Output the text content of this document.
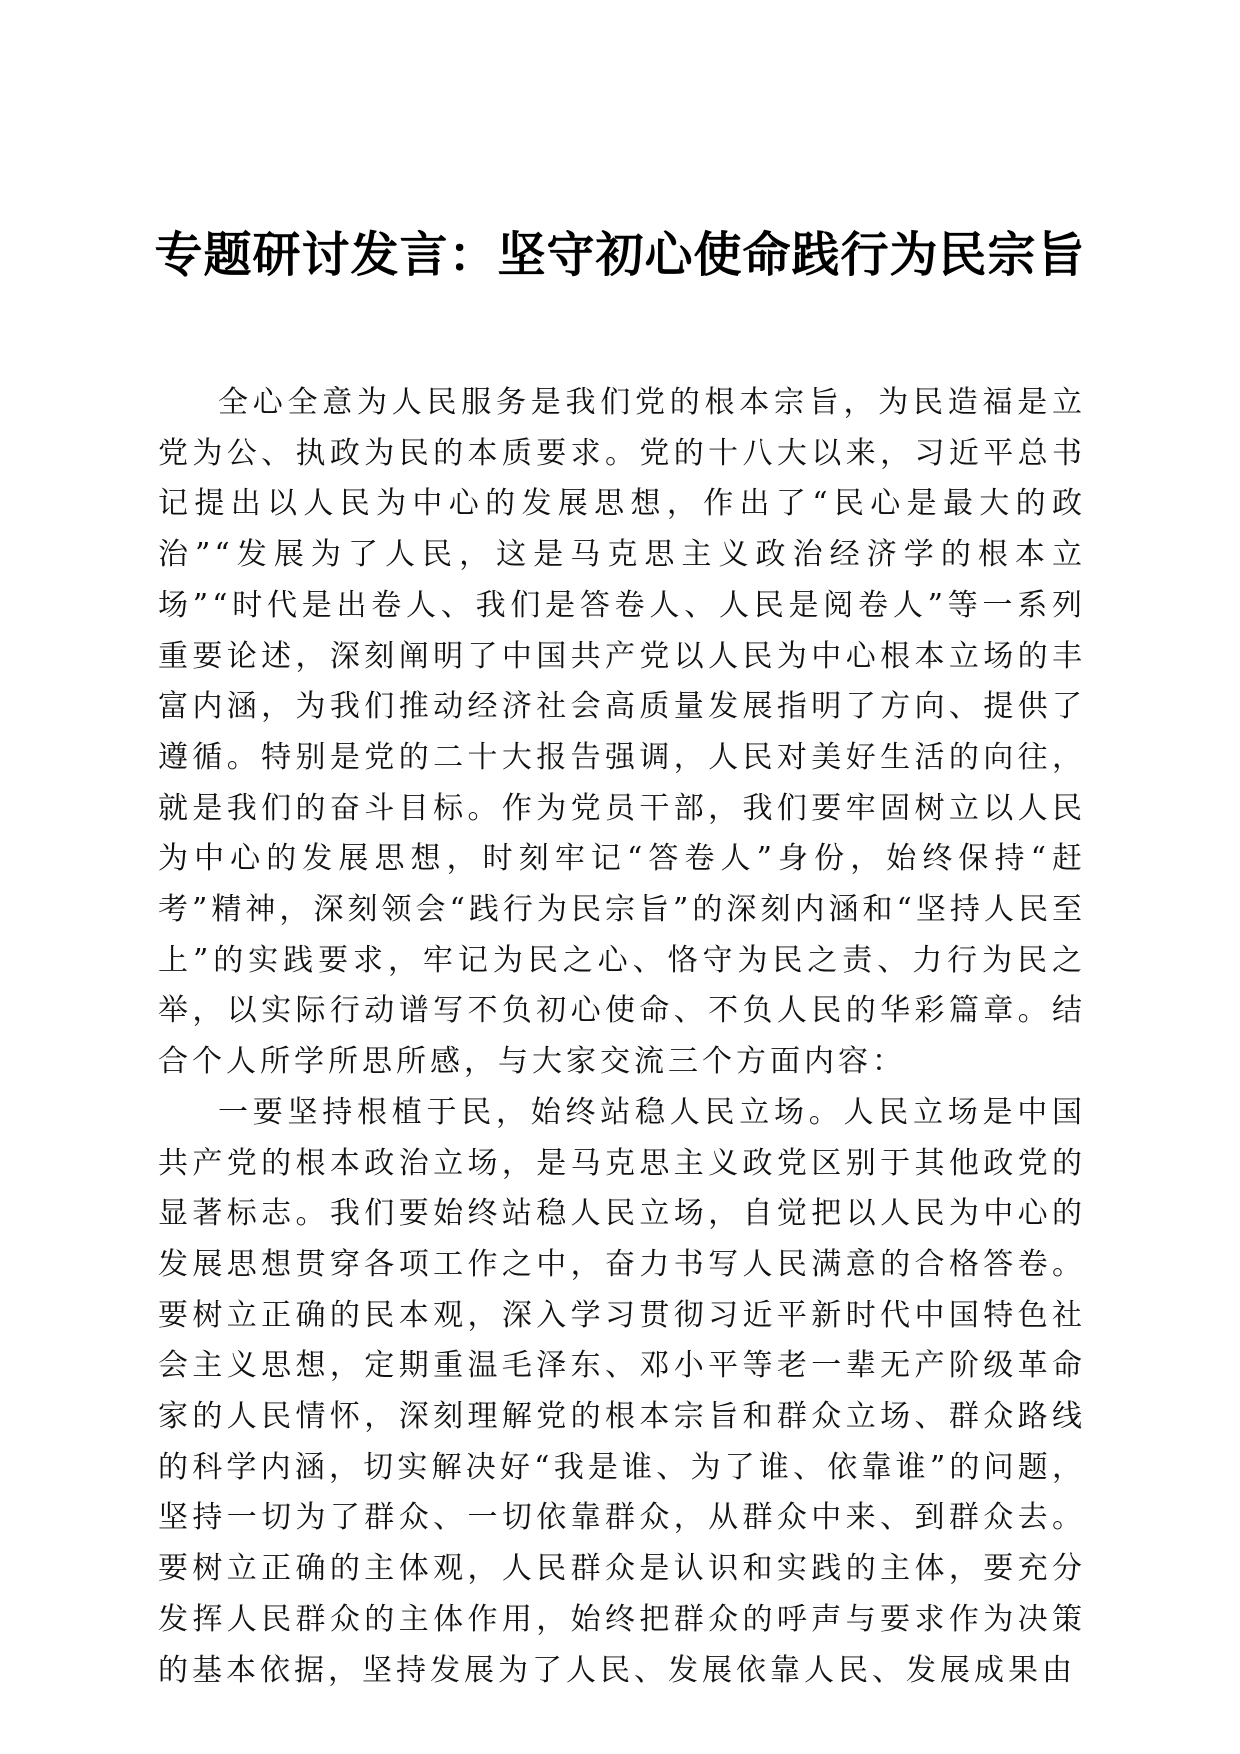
专题研讨发言：坚守初心使命践行为民宗旨

全心全意为人民服务是我们党的根本宗旨，为民造福是立党为公、执政为民的本质要求。党的十八大以来，习近平总书记提出以人民为中心的发展思想，作出了“民心是最大的政治”“发展为了人民，这是马克思主义政治经济学的根本立场”“时代是出卷人、我们是答卷人、人民是阅卷人”等一系列重要论述，深刻阐明了中国共产党以人民为中心根本立场的丰富内涵，为我们推动经济社会高质量发展指明了方向、提供了遵循。特别是党的二十大报告强调，人民对美好生活的向往，就是我们的奋斗目标。作为党员干部，我们要牢固树立以人民为中心的发展思想，时刻牢记“答卷人”身份，始终保持“赶考”精神，深刻领会“践行为民宗旨”的深刻内涵和“坚持人民至上”的实践要求，牢记为民之心、恪守为民之责、力行为民之举，以实际行动谱写不负初心使命、不负人民的华彩篇章。结合个人所学所思所感，与大家交流三个方面内容：

一要坚持根植于民，始终站稳人民立场。人民立场是中国共产党的根本政治立场，是马克思主义政党区别于其他政党的显著标志。我们要始终站稳人民立场，自觉把以人民为中心的发展思想贯穿各项工作之中，奋力书写人民满意的合格答卷。要树立正确的民本观，深入学习贯彻习近平新时代中国特色社会主义思想，定期重温毛泽东、邓小平等老一辈无产阶级革命家的人民情怀，深刻理解党的根本宗旨和群众立场、群众路线的科学内涵，切实解决好“我是谁、为了谁、依靠谁”的问题，坚持一切为了群众、一切依靠群众，从群众中来、到群众去。要树立正确的主体观，人民群众是认识和实践的主体，要充分发挥人民群众的主体作用，始终把群众的呼声与要求作为决策的基本依据，坚持发展为了人民、发展依靠人民、发展成果由
